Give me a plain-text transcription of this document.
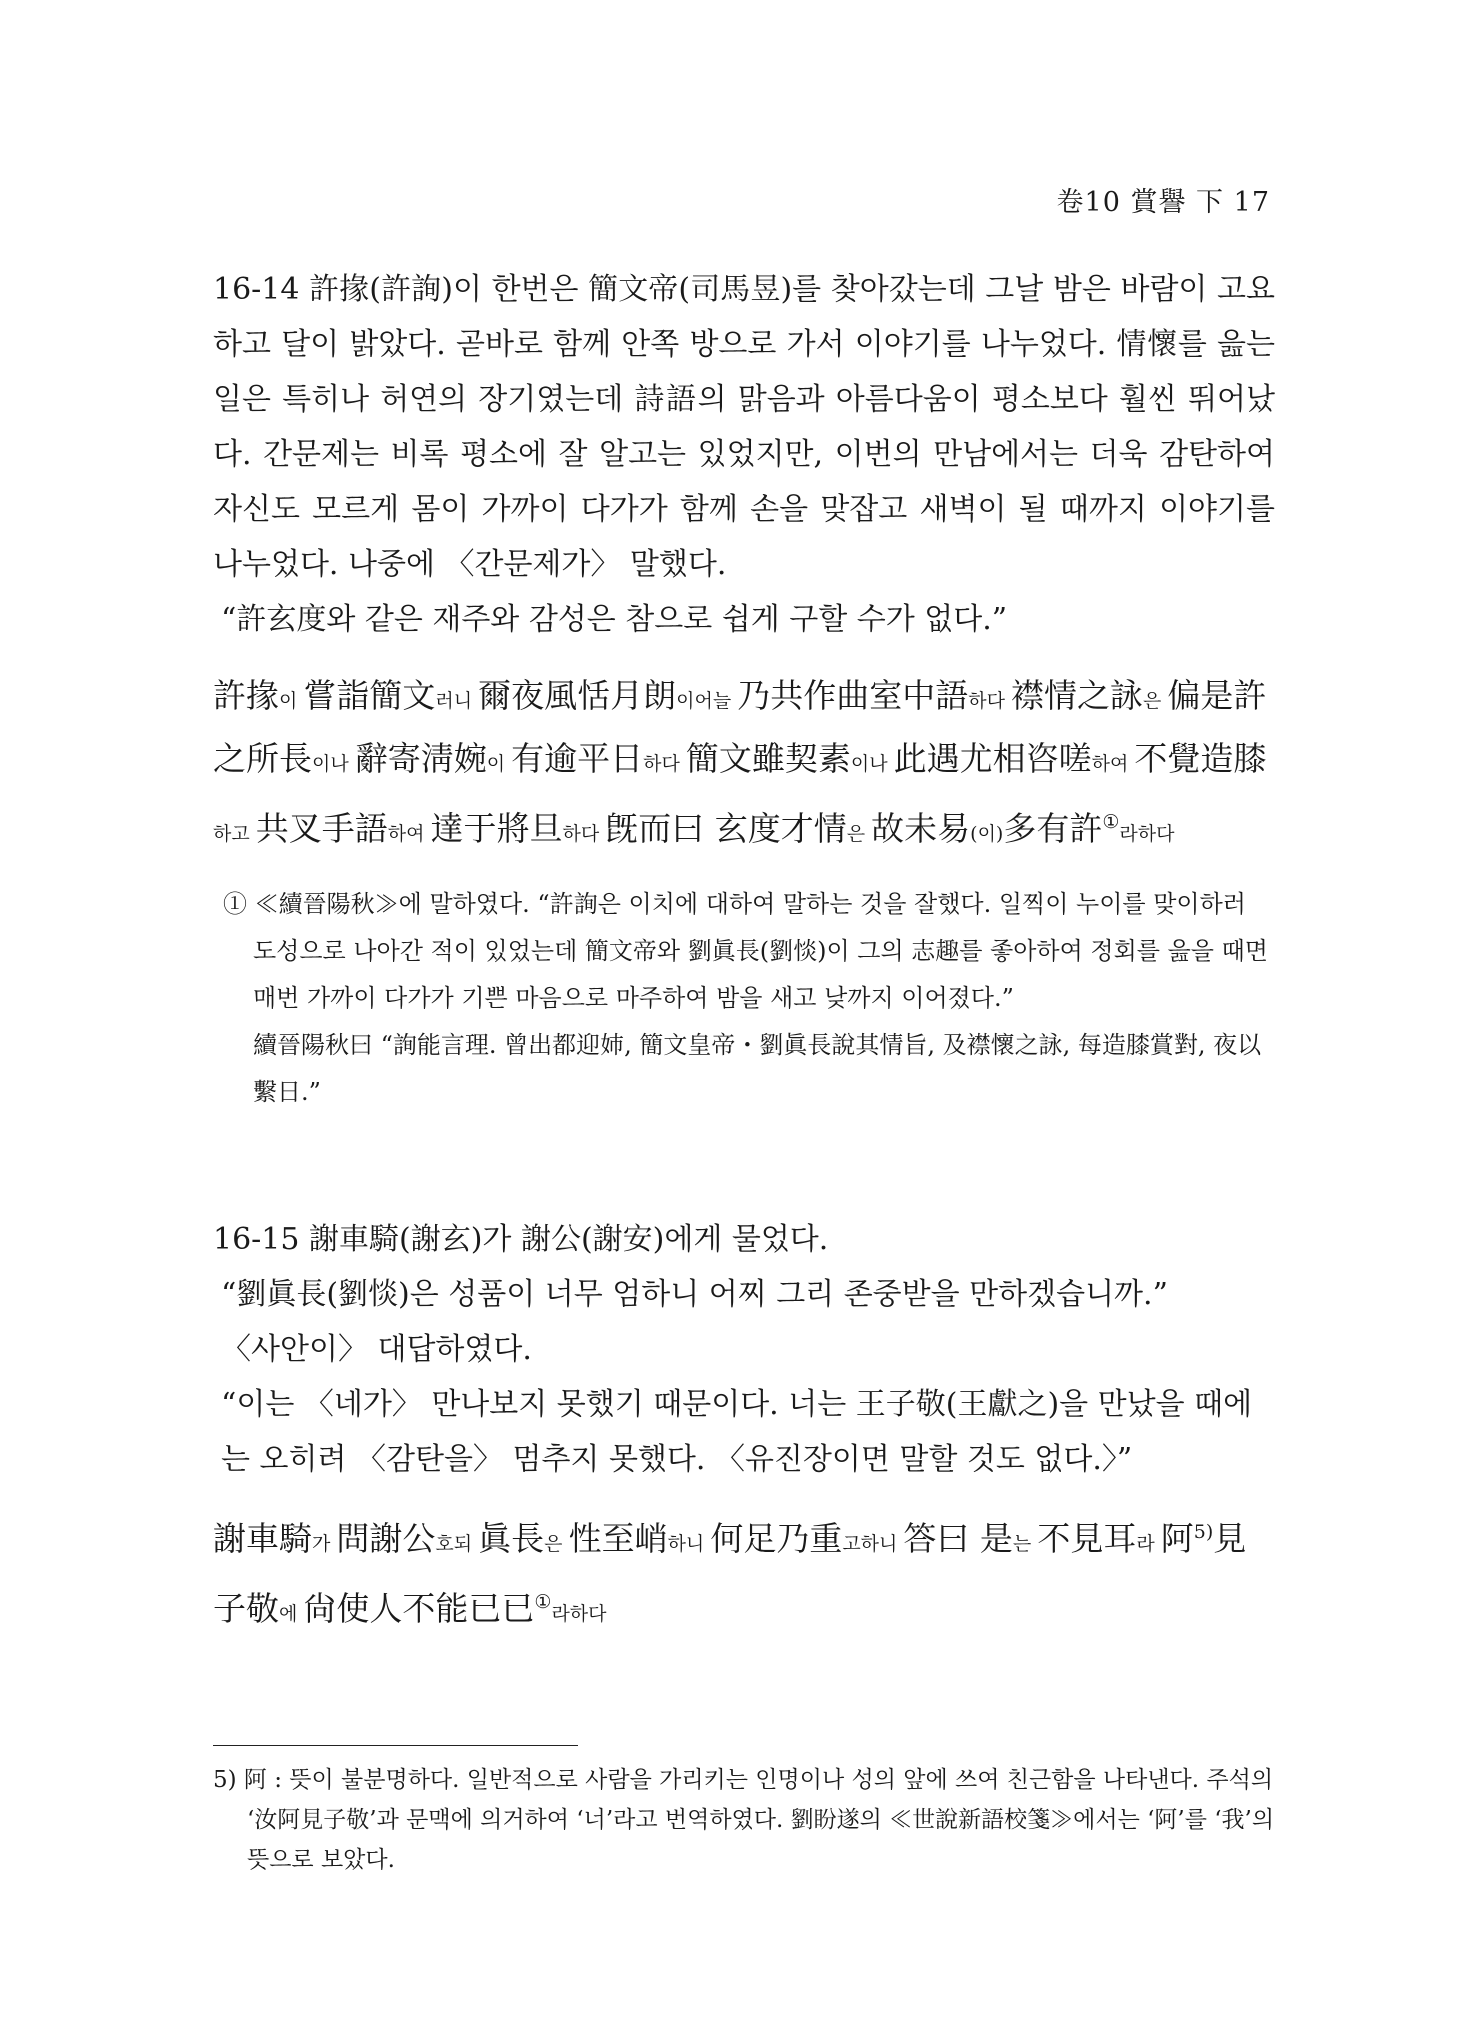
卷10 賞譽 下 17

16-14 許掾(許詢)이 한번은 簡文帝(司馬昱)를 찾아갔는데 그날 밤은 바람이 고요하고 달이 밝았다. 곧바로 함께 안쪽 방으로 가서 이야기를 나누었다. 情懷를 읊는 일은 특히나 허연의 장기였는데 詩語의 맑음과 아름다움이 평소보다 훨씬 뛰어났다. 간문제는 비록 평소에 잘 알고는 있었지만, 이번의 만남에서는 더욱 감탄하여 자신도 모르게 몸이 가까이 다가가 함께 손을 맞잡고 새벽이 될 때까지 이야기를 나누었다. 나중에 〈간문제가〉 말했다.

“許玄度와 같은 재주와 감성은 참으로 쉽게 구할 수가 없다.”

許掾이 嘗詣簡文러니 爾夜風恬月朗이어늘 乃共作曲室中語하다 襟情之詠은 偏是許之所長이나 辭寄淸婉이 有逾平日하다 簡文雖契素이나 此遇尤相咨嗟하여 不覺造膝하고 共叉手語하여 達于將旦하다 旣而曰 玄度才情은 故未易(이)多有許①라하다

① ≪續晉陽秋≫에 말하였다. “許詢은 이치에 대하여 말하는 것을 잘했다. 일찍이 누이를 맞이하러 도성으로 나아간 적이 있었는데 簡文帝와 劉眞長(劉惔)이 그의 志趣를 좋아하여 정회를 읊을 때면 매번 가까이 다가가 기쁜 마음으로 마주하여 밤을 새고 낮까지 이어졌다.”

續晉陽秋曰 “詢能言理. 曾出都迎姉, 簡文皇帝・劉眞長說其情旨, 及襟懷之詠, 每造膝賞對, 夜以繫日.”

16-15 謝車騎(謝玄)가 謝公(謝安)에게 물었다.

“劉眞長(劉惔)은 성품이 너무 엄하니 어찌 그리 존중받을 만하겠습니까.”

〈사안이〉 대답하였다.

“이는 〈네가〉 만나보지 못했기 때문이다. 너는 王子敬(王獻之)을 만났을 때에는 오히려 〈감탄을〉 멈추지 못했다. 〈유진장이면 말할 것도 없다.〉”

謝車騎가 問謝公호되 眞長은 性至峭하니 何足乃重고하니 答曰 是는 不見耳라 阿$^{5)}$見子敬에 尙使人不能已已①라하다

5) 阿 : 뜻이 불분명하다. 일반적으로 사람을 가리키는 인명이나 성의 앞에 쓰여 친근함을 나타낸다. 주석의 ‘汝阿見子敬’과 문맥에 의거하여 ‘너’라고 번역하였다. 劉盼遂의 ≪世說新語校箋≫에서는 ‘阿’를 ‘我’의 뜻으로 보았다.
